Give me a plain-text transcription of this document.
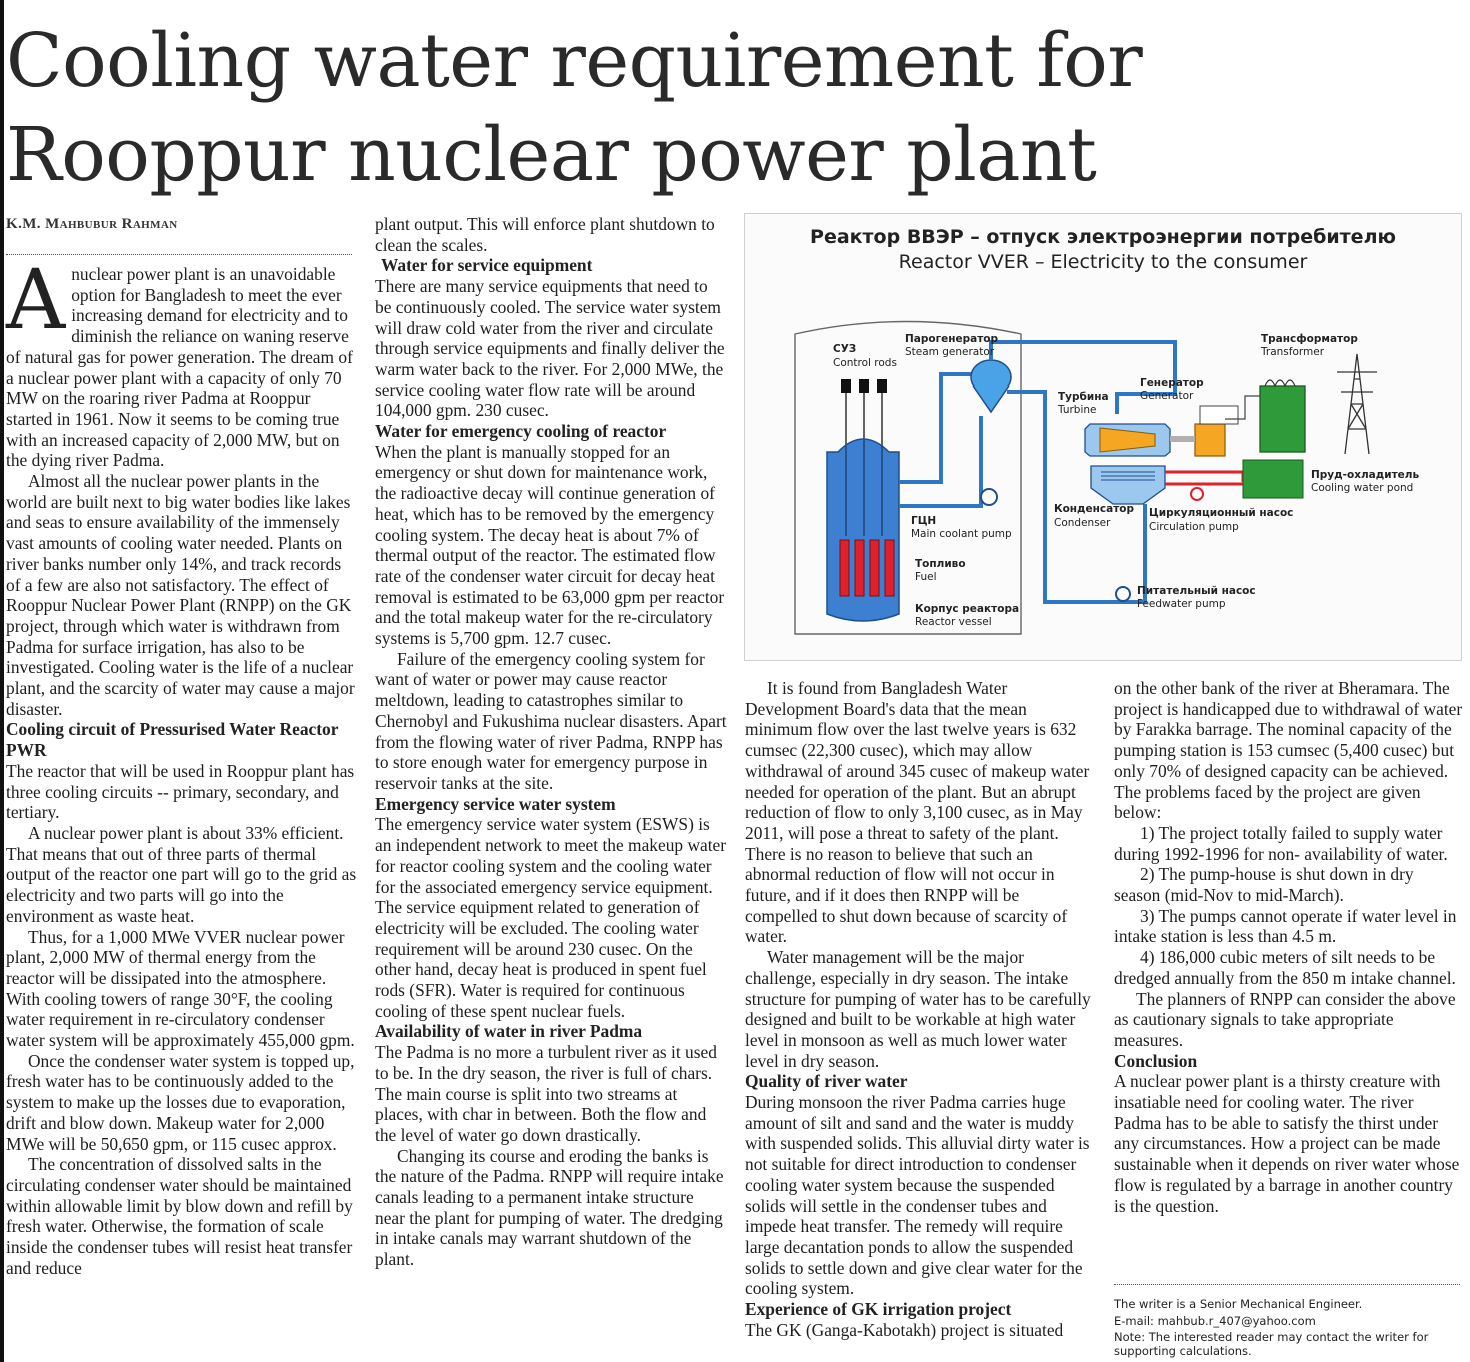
Cooling water requirement for Rooppur nuclear power plant
K.M. Mahbubur Rahman

Anuclear power plant is an unavoidable option for Bangladesh to meet the ever increasing demand for electricity and to diminish the reliance on waning reserve of natural gas for power generation. The dream of a nuclear power plant with a capacity of only 70 MW on the roaring river Padma at Rooppur started in 1961. Now it seems to be coming true with an increased capacity of 2,000 MW, but on the dying river Padma.

Almost all the nuclear power plants in the world are built next to big water bodies like lakes and seas to ensure availability of the immensely vast amounts of cooling water needed. Plants on river banks number only 14%, and track records of a few are also not satisfactory. The effect of Rooppur Nuclear Power Plant (RNPP) on the GK project, through which water is withdrawn from Padma for surface irrigation, has also to be investigated. Cooling water is the life of a nuclear plant, and the scarcity of water may cause a major disaster.

Cooling circuit of Pressurised Water Reactor PWR

The reactor that will be used in Rooppur plant has three cooling circuits -- primary, secondary, and tertiary.

A nuclear power plant is about 33% efficient. That means that out of three parts of thermal output of the reactor one part will go to the grid as electricity and two parts will go into the environment as waste heat.

Thus, for a 1,000 MWe VVER nuclear power plant, 2,000 MW of thermal energy from the reactor will be dissipated into the atmosphere. With cooling towers of range 30°F, the cooling water requirement in re-circulatory condenser water system will be approximately 455,000 gpm.

Once the condenser water system is topped up, fresh water has to be continuously added to the system to make up the losses due to evaporation, drift and blow down. Makeup water for 2,000 MWe will be 50,650 gpm, or 115 cusec approx.

The concentration of dissolved salts in the circulating condenser water should be maintained within allowable limit by blow down and refill by fresh water. Otherwise, the formation of scale inside the condenser tubes will resist heat transfer and reduce

plant output. This will enforce plant shutdown to clean the scales.

Water for service equipment

There are many service equipments that need to be continuously cooled. The service water system will draw cold water from the river and circulate through service equipments and finally deliver the warm water back to the river. For 2,000 MWe, the service cooling water flow rate will be around 104,000 gpm. 230 cusec.

Water for emergency cooling of reactor

When the plant is manually stopped for an emergency or shut down for maintenance work, the radioactive decay will continue generation of heat, which has to be removed by the emergency cooling system. The decay heat is about 7% of thermal output of the reactor. The estimated flow rate of the condenser water circuit for decay heat removal is estimated to be 63,000 gpm per reactor and the total makeup water for the re-circulatory systems is 5,700 gpm. 12.7 cusec.

Failure of the emergency cooling system for want of water or power may cause reactor meltdown, leading to catastrophes similar to Chernobyl and Fukushima nuclear disasters. Apart from the flowing water of river Padma, RNPP has to store enough water for emergency purpose in reservoir tanks at the site.

Emergency service water system

The emergency service water system (ESWS) is an independent network to meet the makeup water for reactor cooling system and the cooling water for the associated emergency service equipment. The service equipment related to generation of electricity will be excluded. The cooling water requirement will be around 230 cusec. On the other hand, decay heat is produced in spent fuel rods (SFR). Water is required for continuous cooling of these spent nuclear fuels.

Availability of water in river Padma

The Padma is no more a turbulent river as it used to be. In the dry season, the river is full of chars. The main course is split into two streams at places, with char in between. Both the flow and the level of water go down drastically.

Changing its course and eroding the banks is the nature of the Padma. RNPP will require intake canals leading to a permanent intake structure near the plant for pumping of water. The dredging in intake canals may warrant shutdown of the plant.

Реактор ВВЭР – отпуск электроэнергии потребителю
Reactor VVER – Electricity to the consumer
СУЗ
Control rods
Парогенератор
Steam generator
Турбина
Turbine
Генератор
Generator
Трансформатор
Transformer
Пруд-охладитель
Cooling water pond
Конденсатор
Condenser
Циркуляционный насос
Circulation pump
ГЦН
Main coolant pump
Топливо
Fuel
Питательный насос
Feedwater pump
Корпус реактора
Reactor vessel

It is found from Bangladesh Water Development Board's data that the mean minimum flow over the last twelve years is 632 cumsec (22,300 cusec), which may allow withdrawal of around 345 cusec of makeup water needed for operation of the plant. But an abrupt reduction of flow to only 3,100 cusec, as in May 2011, will pose a threat to safety of the plant. There is no reason to believe that such an abnormal reduction of flow will not occur in future, and if it does then RNPP will be compelled to shut down because of scarcity of water.

Water management will be the major challenge, especially in dry season. The intake structure for pumping of water has to be carefully designed and built to be workable at high water level in monsoon as well as much lower water level in dry season.

Quality of river water

During monsoon the river Padma carries huge amount of silt and sand and the water is muddy with suspended solids. This alluvial dirty water is not suitable for direct introduction to condenser cooling water system because the suspended solids will settle in the condenser tubes and impede heat transfer. The remedy will require large decantation ponds to allow the suspended solids to settle down and give clear water for the cooling system.

Experience of GK irrigation project

The GK (Ganga-Kabotakh) project is situated

on the other bank of the river at Bheramara. The project is handicapped due to withdrawal of water by Farakka barrage. The nominal capacity of the pumping station is 153 cumsec (5,400 cusec) but only 70% of designed capacity can be achieved. The problems faced by the project are given below:

1) The project totally failed to supply water during 1992-1996 for non- availability of water.

2) The pump-house is shut down in dry season (mid-Nov to mid-March).

3) The pumps cannot operate if water level in intake station is less than 4.5 m.

4) 186,000 cubic meters of silt needs to be dredged annually from the 850 m intake channel.

The planners of RNPP can consider the above as cautionary signals to take appropriate measures.

Conclusion

A nuclear power plant is a thirsty creature with insatiable need for cooling water. The river Padma has to be able to satisfy the thirst under any circumstances. How a project can be made sustainable when it depends on river water whose flow is regulated by a barrage in another country is the question.

The writer is a Senior Mechanical Engineer.
E-mail: mahbub.r_407@yahoo.com
Note: The interested reader may contact the writer for supporting calculations.
